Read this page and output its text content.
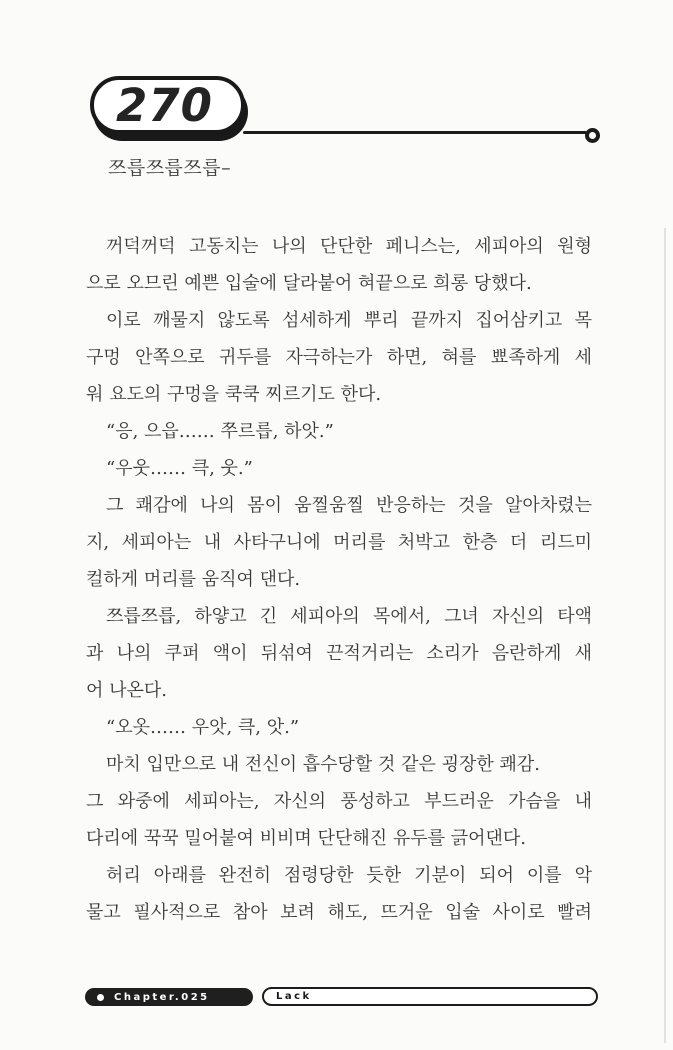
270
쯔릅쯔릅쯔릅–
꺼덕꺼덕 고동치는 나의 단단한 페니스는, 세피아의 원형
으로 오므린 예쁜 입술에 달라붙어 혀끝으로 희롱 당했다.
이로 깨물지 않도록 섬세하게 뿌리 끝까지 집어삼키고 목
구멍 안쪽으로 귀두를 자극하는가 하면, 혀를 뾰족하게 세
워 요도의 구멍을 쿡쿡 찌르기도 한다.
“응, 으읍…… 쭈르릅, 하앗.”
“우웃…… 큭, 웃.”
그 쾌감에 나의 몸이 움찔움찔 반응하는 것을 알아차렸는
지, 세피아는 내 사타구니에 머리를 처박고 한층 더 리드미
컬하게 머리를 움직여 댄다.
쯔릅쯔릅, 하얗고 긴 세피아의 목에서, 그녀 자신의 타액
과 나의 쿠퍼 액이 뒤섞여 끈적거리는 소리가 음란하게 새
어 나온다.
“오옷…… 우앗, 큭, 앗.”
마치 입만으로 내 전신이 흡수당할 것 같은 굉장한 쾌감.
그 와중에 세피아는, 자신의 풍성하고 부드러운 가슴을 내
다리에 꾹꾹 밀어붙여 비비며 단단해진 유두를 긁어댄다.
허리 아래를 완전히 점령당한 듯한 기분이 되어 이를 악
물고 필사적으로 참아 보려 해도, 뜨거운 입술 사이로 빨려
Chapter.025	Lack
